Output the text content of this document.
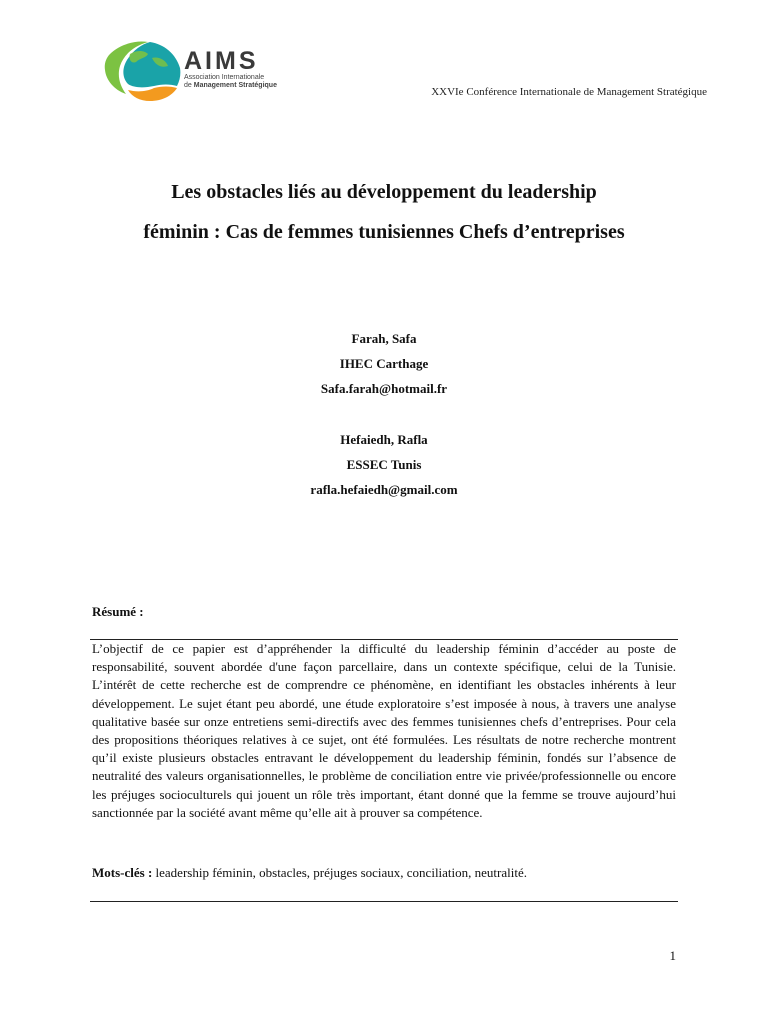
AIMS
Association Internationale
de Management Stratégique
XXVIe Conférence Internationale de Management Stratégique
Les obstacles liés au développement du leadership
féminin : Cas de femmes tunisiennes Chefs d’entreprises
Farah, Safa
IHEC Carthage
Safa.farah@hotmail.fr
Hefaiedh, Rafla
ESSEC Tunis
rafla.hefaiedh@gmail.com
Résumé :

L’objectif de ce papier est d’appréhender la difficulté du leadership féminin d’accéder au poste de responsabilité, souvent abordée d'une façon parcellaire, dans un contexte spécifique, celui de la Tunisie. L’intérêt de cette recherche est de comprendre ce phénomène, en identifiant les obstacles inhérents à leur développement. Le sujet étant peu abordé, une étude exploratoire s’est imposée à nous, à travers une analyse qualitative basée sur onze entretiens semi-directifs avec des femmes tunisiennes chefs d’entreprises. Pour cela des propositions théoriques relatives à ce sujet, ont été formulées. Les résultats de notre recherche montrent qu’il existe plusieurs obstacles entravant le développement du leadership féminin, fondés sur l’absence de neutralité des valeurs organisationnelles, le problème de conciliation entre vie privée/professionnelle ou encore les préjuges socioculturels qui jouent un rôle très important, étant donné que la femme se trouve aujourd’hui sanctionnée par la société avant même qu’elle ait à prouver sa compétence.

Mots-clés : leadership féminin, obstacles, préjuges sociaux, conciliation, neutralité.

1
